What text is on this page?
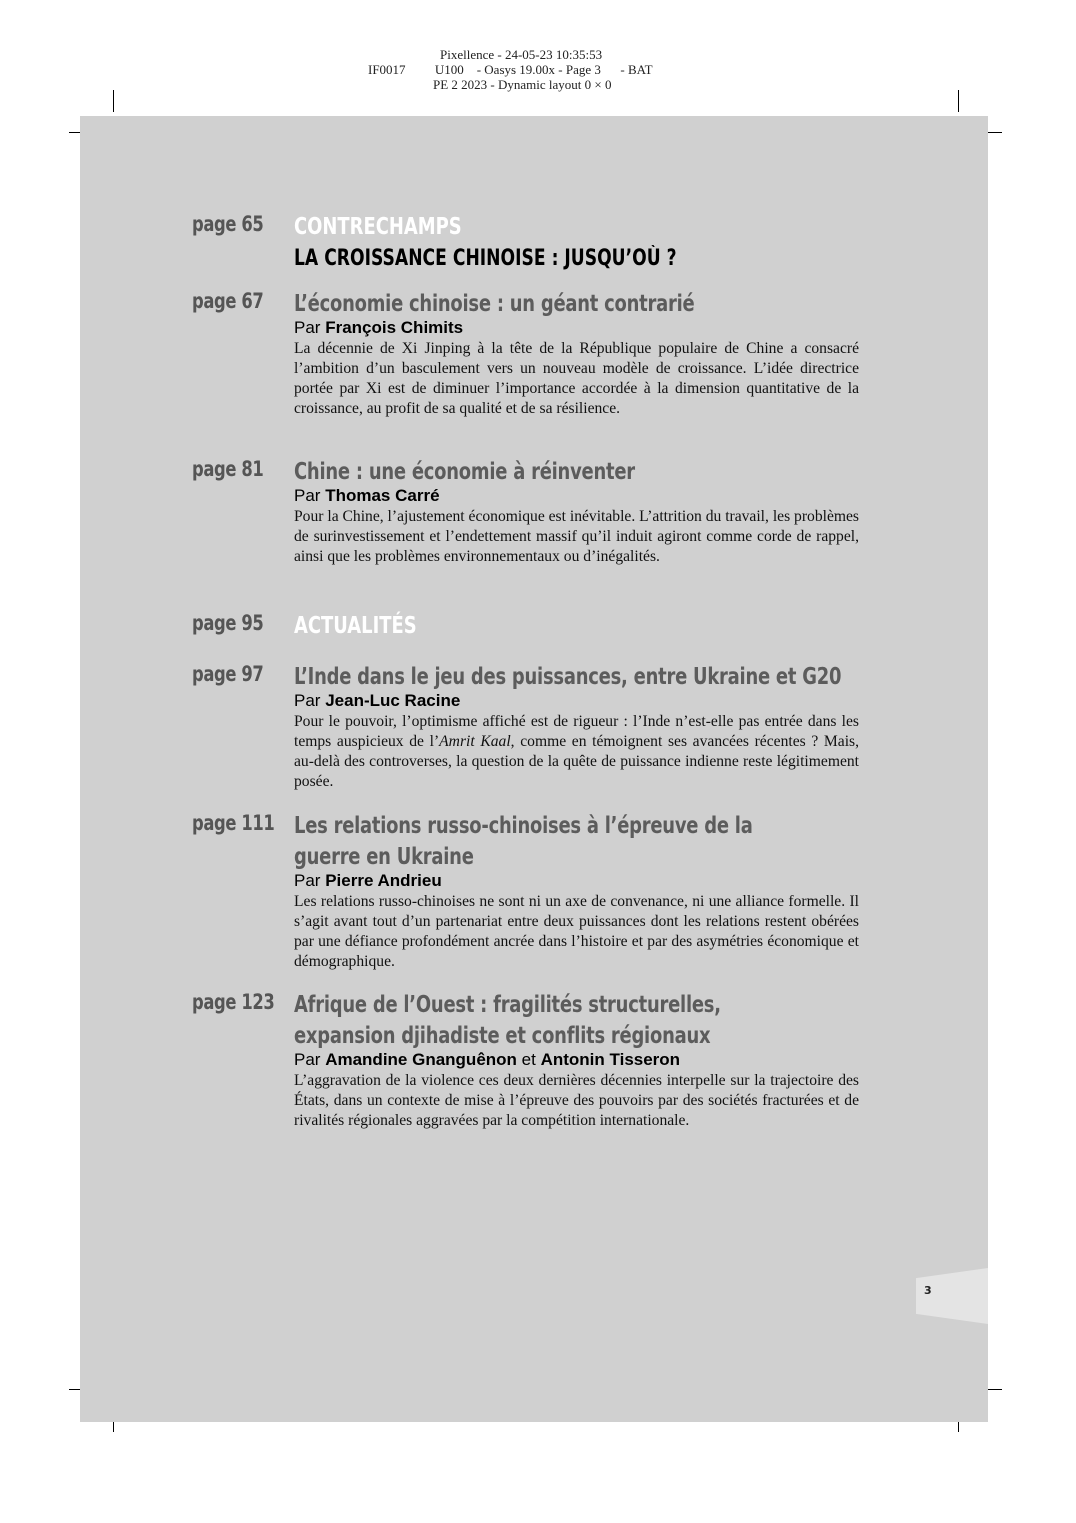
Pixellence - 24-05-23 10:35:53
IF0017 U100    - Oasys 19.00x - Page 3      - BAT
PE 2 2023 - Dynamic layout 0 × 0
page 65 CONTRECHAMPS
LA CROISSANCE CHINOISE : JUSQU’OÙ ?
page 67 L’économie chinoise : un géant contrarié
Par François Chimits
La décennie de Xi Jinping à la tête de la République populaire de Chine a consacré l’ambition d’un basculement vers un nouveau modèle de croissance. L’idée directrice portée par Xi est de diminuer l’importance accordée à la dimension quantitative de la croissance, au profit de sa qualité et de sa résilience.
page 81 Chine : une économie à réinventer
Par Thomas Carré
Pour la Chine, l’ajustement économique est inévitable. L’attrition du travail, les problèmes de surinvestissement et l’endettement massif qu’il induit agiront comme corde de rappel, ainsi que les problèmes environnementaux ou d’inégalités.
page 95 ACTUALITÉS
page 97 L’Inde dans le jeu des puissances, entre Ukraine et G20
Par Jean-Luc Racine
Pour le pouvoir, l’optimisme affiché est de rigueur : l’Inde n’est-elle pas entrée dans les temps auspicieux de l’Amrit Kaal, comme en témoignent ses avancées récentes ? Mais, au-delà des controverses, la question de la quête de puissance indienne reste légitimement posée.
page 111 Les relations russo-chinoises à l’épreuve de la guerre en Ukraine
Par Pierre Andrieu
Les relations russo-chinoises ne sont ni un axe de convenance, ni une alliance formelle. Il s’agit avant tout d’un partenariat entre deux puissances dont les relations restent obérées par une défiance profondément ancrée dans l’histoire et par des asymétries économique et démographique.
page 123 Afrique de l’Ouest : fragilités structurelles, expansion djihadiste et conflits régionaux
Par Amandine Gnanguênon et Antonin Tisseron
L’aggravation de la violence ces deux dernières décennies interpelle sur la trajectoire des États, dans un contexte de mise à l’épreuve des pouvoirs par des sociétés fracturées et de rivalités régionales aggravées par la compétition internationale.
3
